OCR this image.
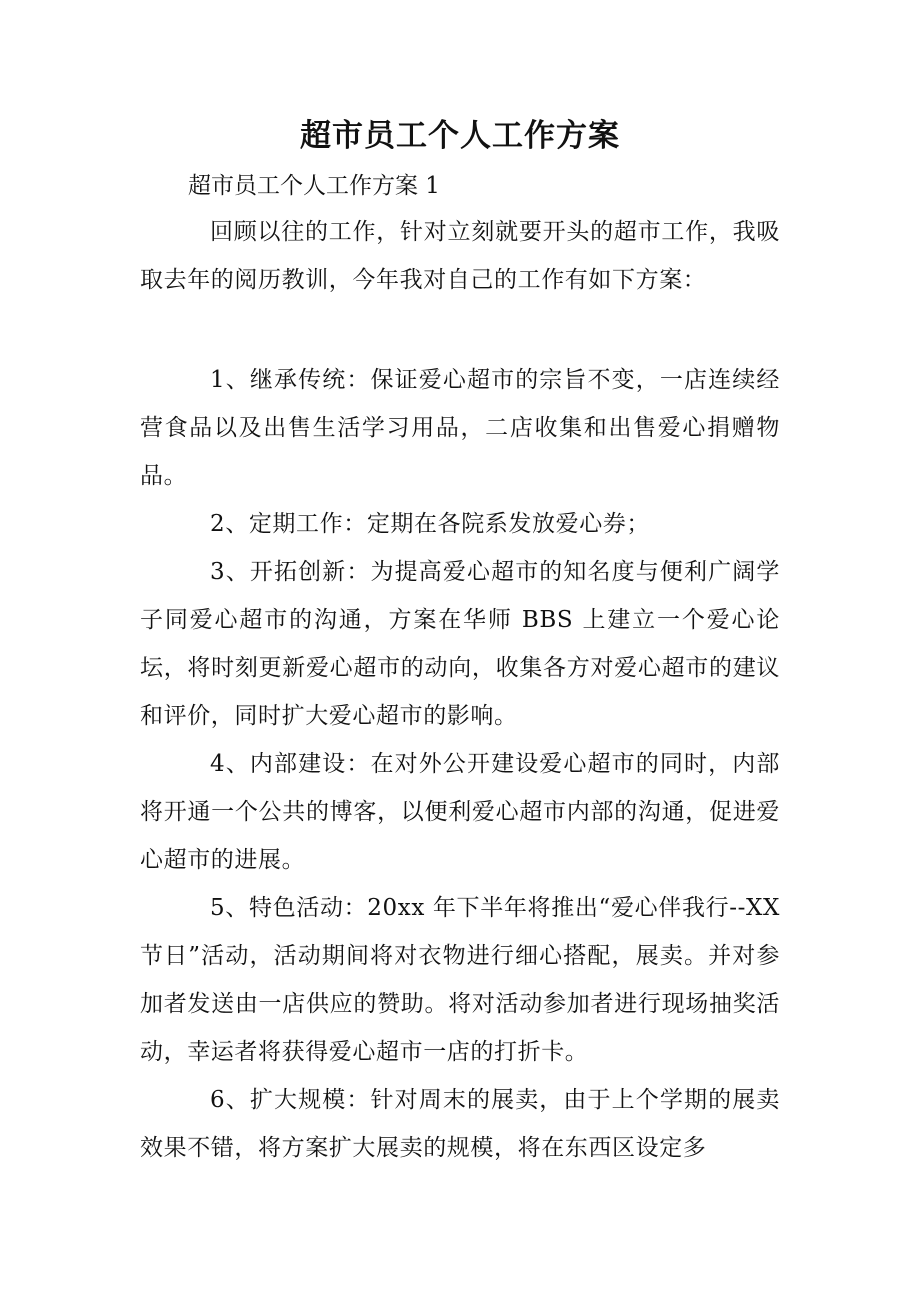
超市员工个人工作方案
超市员工个人工作方案 1

回顾以往的工作，针对立刻就要开头的超市工作，我吸取去年的阅历教训，今年我对自己的工作有如下方案：

1、继承传统：保证爱心超市的宗旨不变，一店连续经营食品以及出售生活学习用品，二店收集和出售爱心捐赠物品。

2、定期工作：定期在各院系发放爱心券；

3、开拓创新：为提高爱心超市的知名度与便利广阔学子同爱心超市的沟通，方案在华师 BBS 上建立一个爱心论坛，将时刻更新爱心超市的动向，收集各方对爱心超市的建议和评价，同时扩大爱心超市的影响。

4、内部建设：在对外公开建设爱心超市的同时，内部将开通一个公共的博客，以便利爱心超市内部的沟通，促进爱心超市的进展。

5、特色活动：20xx 年下半年将推出“爱心伴我行--XX 节日”活动，活动期间将对衣物进行细心搭配，展卖。并对参加者发送由一店供应的赞助。将对活动参加者进行现场抽奖活动，幸运者将获得爱心超市一店的打折卡。

6、扩大规模：针对周末的展卖，由于上个学期的展卖效果不错，将方案扩大展卖的规模，将在东西区设定多
